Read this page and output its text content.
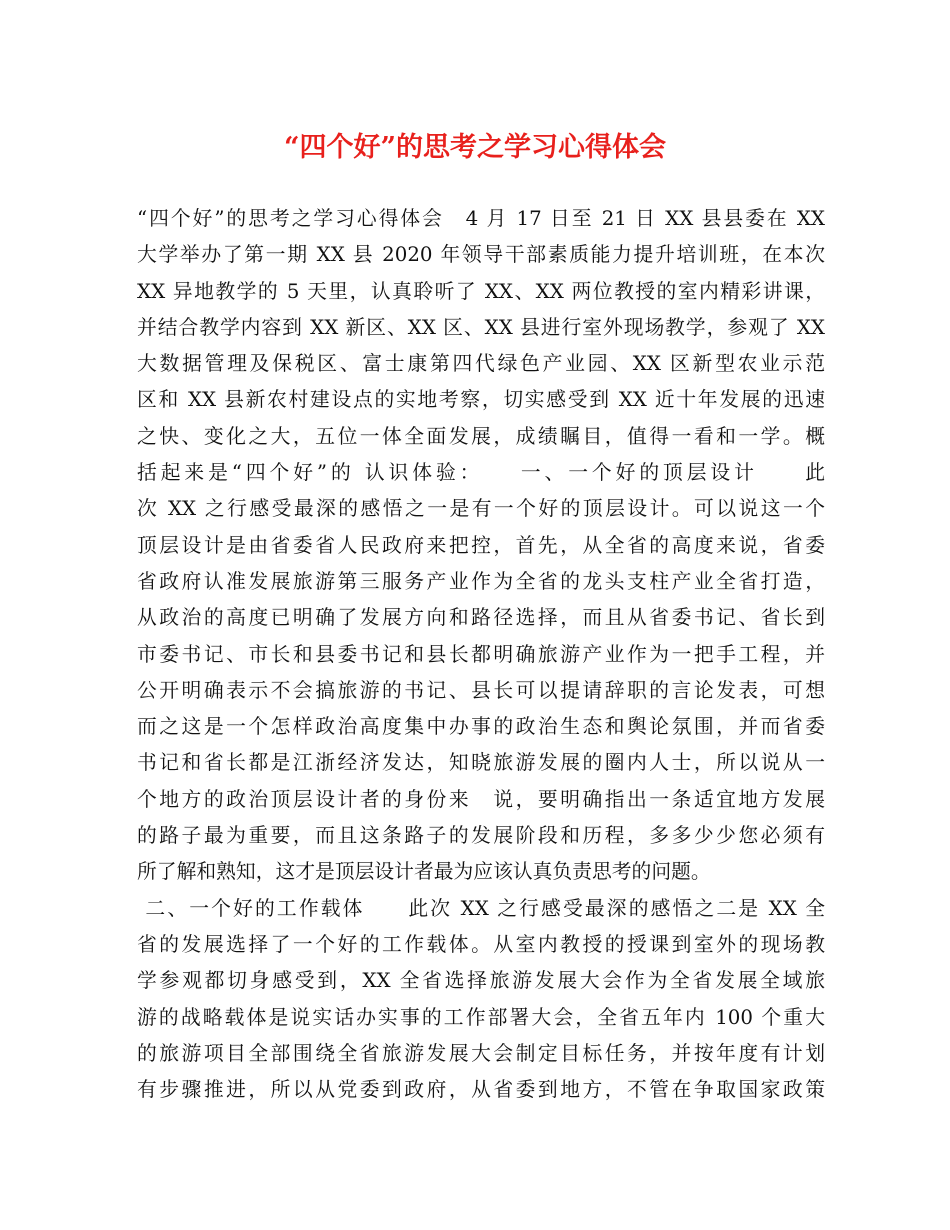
“四个好”的思考之学习心得体会
“四个好”的思考之学习心得体会　4 月 17 日至 21 日 XX 县县委在 XX
大学举办了第一期 XX 县 2020 年领导干部素质能力提升培训班，在本次
XX 异地教学的 5 天里，认真聆听了 XX、XX 两位教授的室内精彩讲课，
并结合教学内容到 XX 新区、XX 区、XX 县进行室外现场教学，参观了 XX
大数据管理及保税区、富士康第四代绿色产业园、XX 区新型农业示范
区和 XX 县新农村建设点的实地考察，切实感受到 XX 近十年发展的迅速
之快、变化之大，五位一体全面发展，成绩瞩目，值得一看和一学。概
括起来是“四个好”的 认识体验：　　一、一个好的顶层设计　　此
次 XX 之行感受最深的感悟之一是有一个好的顶层设计。可以说这一个
顶层设计是由省委省人民政府来把控，首先，从全省的高度来说，省委
省政府认准发展旅游第三服务产业作为全省的龙头支柱产业全省打造，
从政治的高度已明确了发展方向和路径选择，而且从省委书记、省长到
市委书记、市长和县委书记和县长都明确旅游产业作为一把手工程，并
公开明确表示不会搞旅游的书记、县长可以提请辞职的言论发表，可想
而之这是一个怎样政治高度集中办事的政治生态和舆论氛围，并而省委
书记和省长都是江浙经济发达，知晓旅游发展的圈内人士，所以说从一
个地方的政治顶层设计者的身份来　说，要明确指出一条适宜地方发展
的路子最为重要，而且这条路子的发展阶段和历程，多多少少您必须有
所了解和熟知，这才是顶层设计者最为应该认真负责思考的问题。
二、一个好的工作载体　　此次 XX 之行感受最深的感悟之二是 XX 全
省的发展选择了一个好的工作载体。从室内教授的授课到室外的现场教
学参观都切身感受到，XX 全省选择旅游发展大会作为全省发展全域旅
游的战略载体是说实话办实事的工作部署大会，全省五年内 100 个重大
的旅游项目全部围绕全省旅游发展大会制定目标任务，并按年度有计划
有步骤推进，所以从党委到政府，从省委到地方，不管在争取国家政策
